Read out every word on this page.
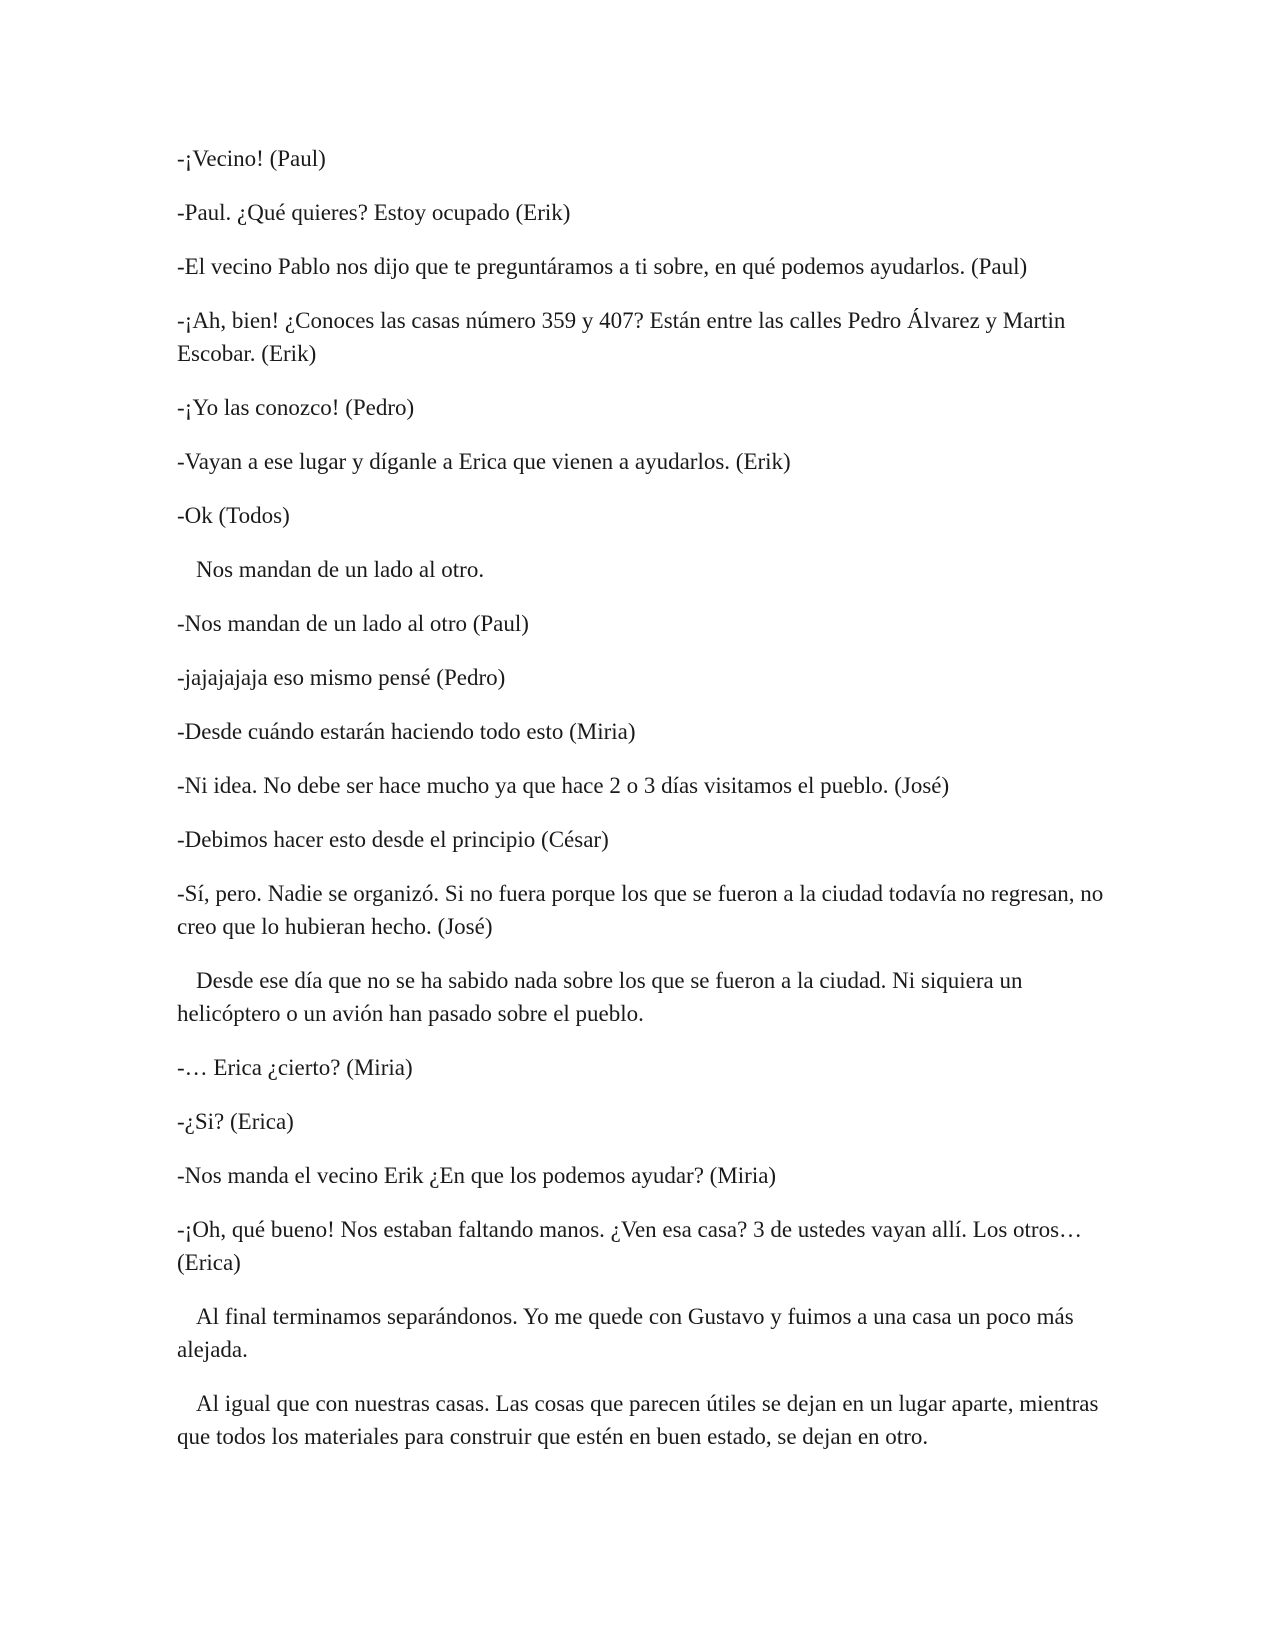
-¡Vecino! (Paul)

-Paul. ¿Qué quieres? Estoy ocupado (Erik)

-El vecino Pablo nos dijo que te preguntáramos a ti sobre, en qué podemos ayudarlos. (Paul)

-¡Ah, bien! ¿Conoces las casas número 359 y 407? Están entre las calles Pedro Álvarez y Martin Escobar. (Erik)

-¡Yo las conozco! (Pedro)

-Vayan a ese lugar y díganle a Erica que vienen a ayudarlos. (Erik)

-Ok (Todos)

Nos mandan de un lado al otro.

-Nos mandan de un lado al otro (Paul)

-jajajajaja eso mismo pensé (Pedro)

-Desde cuándo estarán haciendo todo esto (Miria)

-Ni idea. No debe ser hace mucho ya que hace 2 o 3 días visitamos el pueblo. (José)

-Debimos hacer esto desde el principio (César)

-Sí, pero. Nadie se organizó. Si no fuera porque los que se fueron a la ciudad todavía no regresan, no creo que lo hubieran hecho. (José)

Desde ese día que no se ha sabido nada sobre los que se fueron a la ciudad. Ni siquiera un helicóptero o un avión han pasado sobre el pueblo.

-… Erica ¿cierto? (Miria)

-¿Si? (Erica)

-Nos manda el vecino Erik ¿En que los podemos ayudar? (Miria)

-¡Oh, qué bueno! Nos estaban faltando manos. ¿Ven esa casa? 3 de ustedes vayan allí. Los otros… (Erica)

Al final terminamos separándonos. Yo me quede con Gustavo y fuimos a una casa un poco más alejada.

Al igual que con nuestras casas. Las cosas que parecen útiles se dejan en un lugar aparte, mientras que todos los materiales para construir que estén en buen estado, se dejan en otro.
